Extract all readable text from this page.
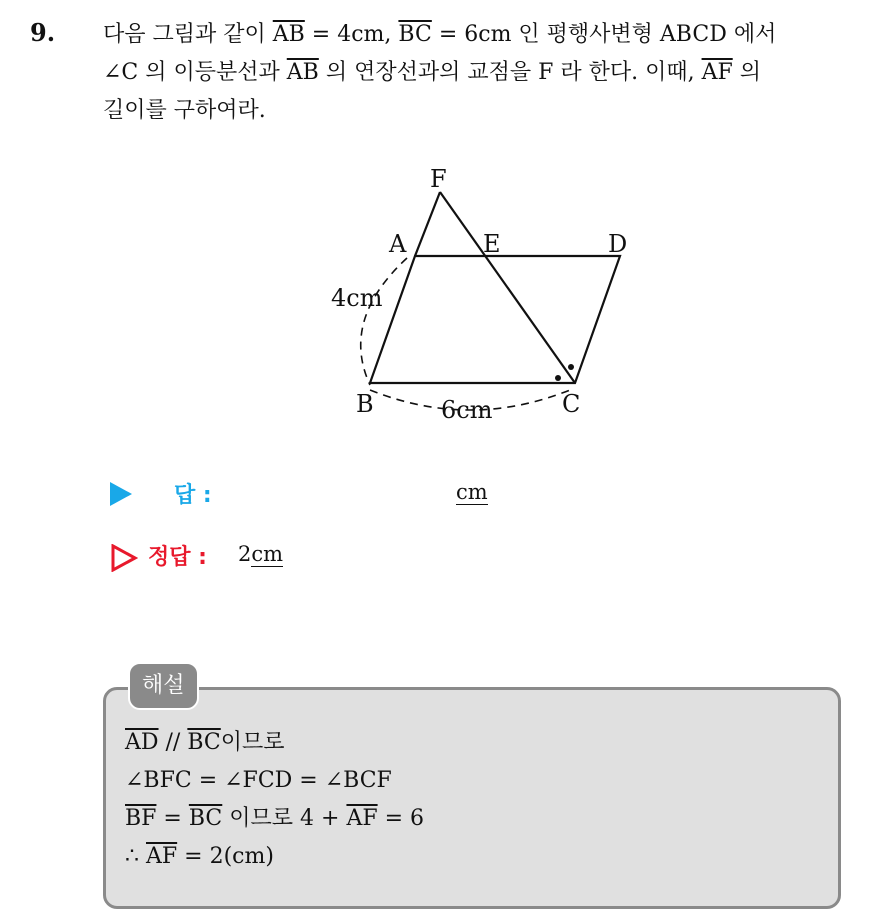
9. 다음 그림과 같이 $\overline{AB} = 4cm$, $\overline{BC} = 6cm$ 인 평행사변형 ABCD 에서
∠C 의 이등분선과 $\overline{AB}$ 의 연장선과의 교점을 F 라 한다. 이때, $\overline{AF}$ 의
길이를 구하여라.
F
A	E	D
B	C
4cm
6cm
답 :	cm
정답 : 2cm
해설
$\overline{AD} // \overline{BC}$이므로
∠BFC = ∠FCD = ∠BCF
$\overline{BF} = \overline{BC}$ 이므로 $4 + \overline{AF} = 6$
∴ $\overline{AF} = 2(cm)$
